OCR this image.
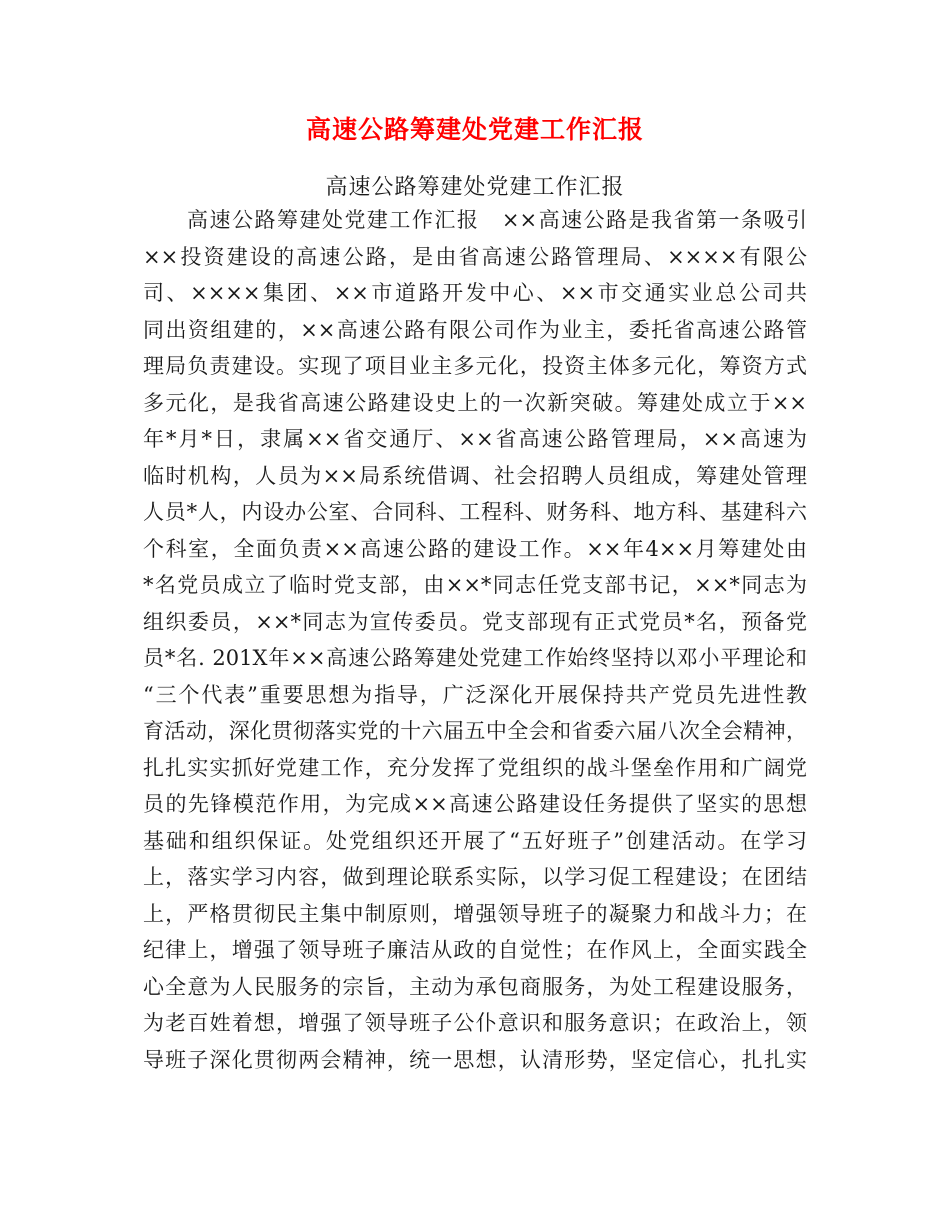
高速公路筹建处党建工作汇报
高速公路筹建处党建工作汇报
高速公路筹建处党建工作汇报　××高速公路是我省第一条吸引
××投资建设的高速公路，是由省高速公路管理局、××××有限公
司、××××集团、××市道路开发中心、××市交通实业总公司共
同出资组建的，××高速公路有限公司作为业主，委托省高速公路管
理局负责建设。实现了项目业主多元化，投资主体多元化，筹资方式
多元化，是我省高速公路建设史上的一次新突破。筹建处成立于××
年*月*日，隶属××省交通厅、××省高速公路管理局，××高速为
临时机构，人员为××局系统借调、社会招聘人员组成，筹建处管理
人员*人，内设办公室、合同科、工程科、财务科、地方科、基建科六
个科室，全面负责××高速公路的建设工作。××年4××月筹建处由
*名党员成立了临时党支部，由××*同志任党支部书记，××*同志为
组织委员，××*同志为宣传委员。党支部现有正式党员*名，预备党
员*名. 201X年××高速公路筹建处党建工作始终坚持以邓小平理论和
“三个代表”重要思想为指导，广泛深化开展保持共产党员先进性教
育活动，深化贯彻落实党的十六届五中全会和省委六届八次全会精神，
扎扎实实抓好党建工作，充分发挥了党组织的战斗堡垒作用和广阔党
员的先锋模范作用，为完成××高速公路建设任务提供了坚实的思想
基础和组织保证。处党组织还开展了“五好班子”创建活动。在学习
上，落实学习内容，做到理论联系实际，以学习促工程建设；在团结
上，严格贯彻民主集中制原则，增强领导班子的凝聚力和战斗力；在
纪律上，增强了领导班子廉洁从政的自觉性；在作风上，全面实践全
心全意为人民服务的宗旨，主动为承包商服务，为处工程建设服务，
为老百姓着想，增强了领导班子公仆意识和服务意识；在政治上，领
导班子深化贯彻两会精神，统一思想，认清形势，坚定信心，扎扎实
